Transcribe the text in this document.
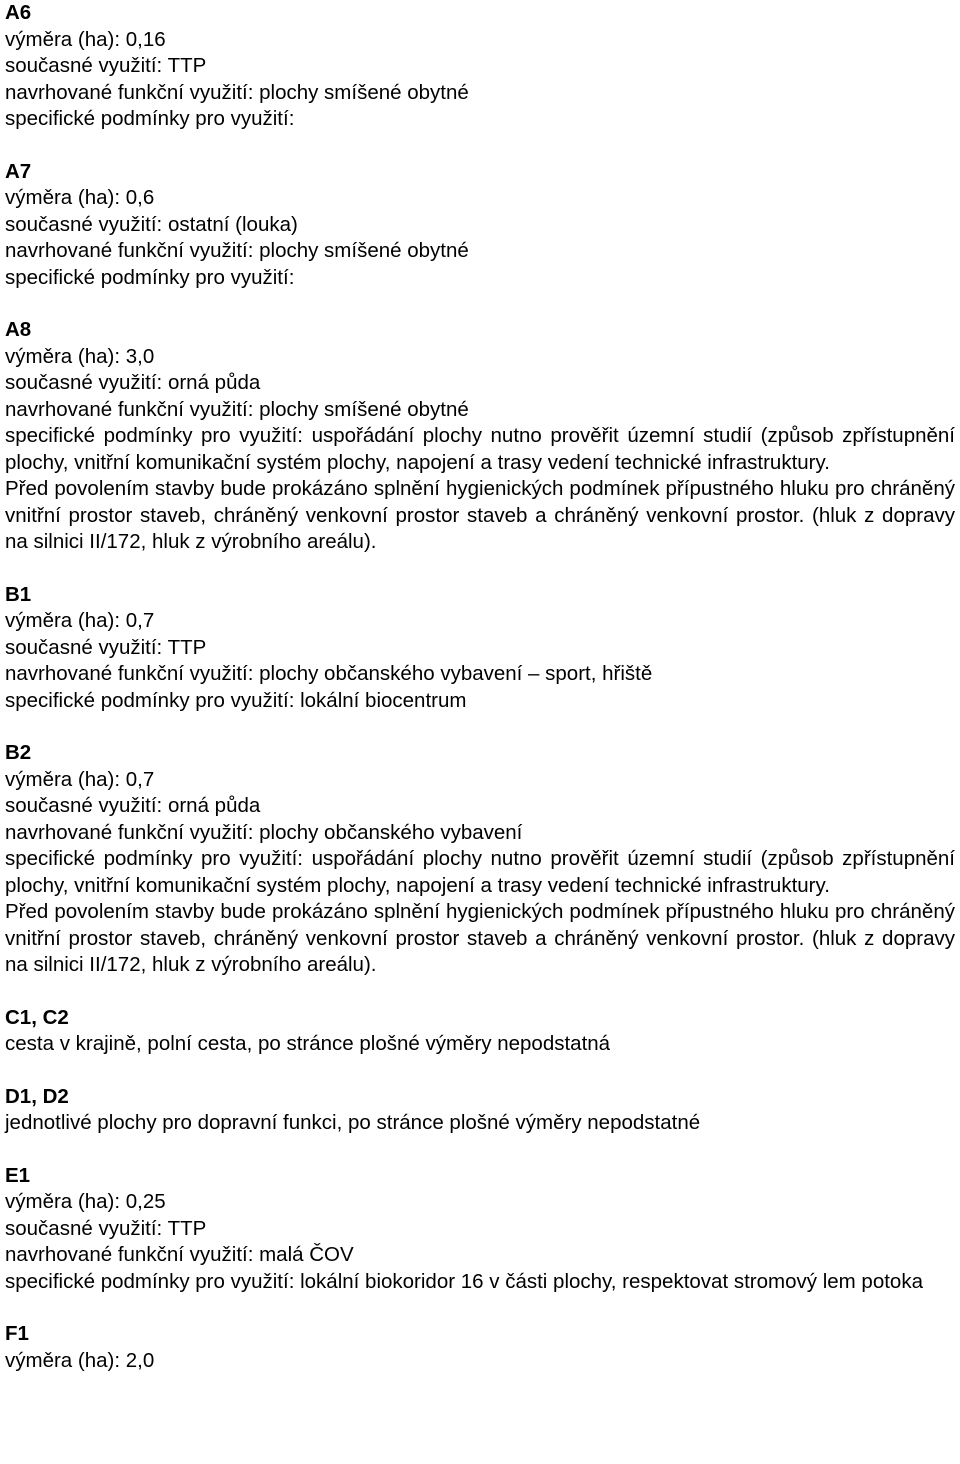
A6
výměra (ha): 0,16
současné využití: TTP
navrhované funkční využití: plochy smíšené obytné
specifické podmínky pro využití:
A7
výměra (ha): 0,6
současné využití: ostatní (louka)
navrhované funkční využití: plochy smíšené obytné
specifické podmínky pro využití:
A8
výměra (ha): 3,0
současné využití: orná půda
navrhované funkční využití: plochy smíšené obytné
specifické podmínky pro využití: uspořádání plochy nutno prověřit územní studií (způsob zpřístupnění plochy, vnitřní komunikační systém plochy, napojení a trasy vedení technické infrastruktury.
Před povolením stavby bude prokázáno splnění hygienických podmínek přípustného hluku pro chráněný vnitřní prostor staveb, chráněný venkovní prostor staveb a chráněný venkovní prostor. (hluk z dopravy na silnici II/172, hluk z výrobního areálu).
B1
výměra (ha): 0,7
současné využití: TTP
navrhované funkční využití: plochy občanského vybavení – sport, hřiště
specifické podmínky pro využití: lokální biocentrum
B2
výměra (ha): 0,7
současné využití: orná půda
navrhované funkční využití: plochy občanského vybavení
specifické podmínky pro využití: uspořádání plochy nutno prověřit územní studií (způsob zpřístupnění plochy, vnitřní komunikační systém plochy, napojení a trasy vedení technické infrastruktury.
Před povolením stavby bude prokázáno splnění hygienických podmínek přípustného hluku pro chráněný vnitřní prostor staveb, chráněný venkovní prostor staveb a chráněný venkovní prostor. (hluk z dopravy na silnici II/172, hluk z výrobního areálu).
C1, C2
cesta v krajině, polní cesta, po stránce plošné výměry nepodstatná
D1, D2
jednotlivé plochy pro dopravní funkci, po stránce plošné výměry nepodstatné
E1
výměra (ha): 0,25
současné využití: TTP
navrhované funkční využití: malá ČOV
specifické podmínky pro využití: lokální biokoridor 16 v části plochy, respektovat stromový lem potoka
F1
výměra (ha): 2,0
